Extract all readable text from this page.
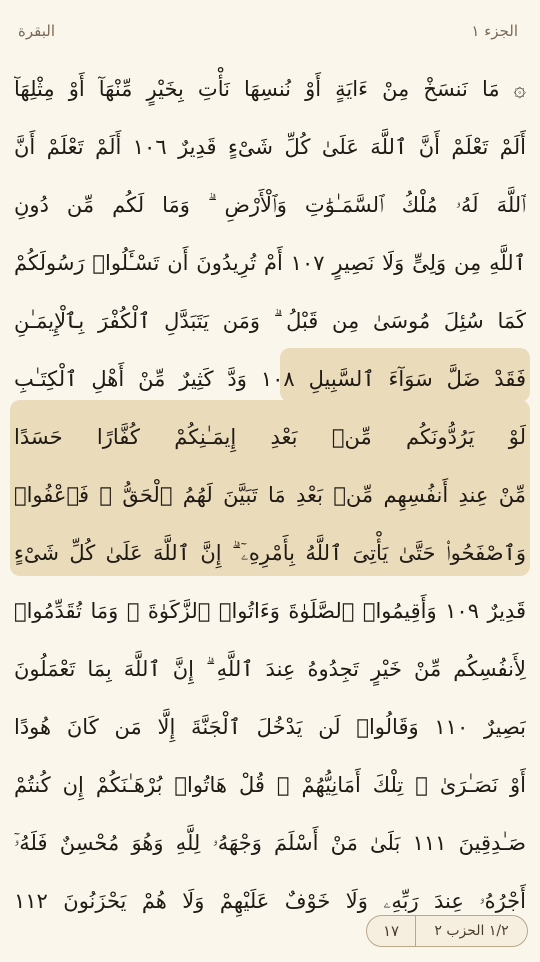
البقرة	الجزء ١
۞ مَا نَنسَخْ مِنْ ءَايَةٍ أَوْ نُنسِهَا نَأْتِ بِخَيْرٍ مِّنْهَآ أَوْ مِثْلِهَآ
أَلَمْ تَعْلَمْ أَنَّ ٱللَّهَ عَلَىٰ كُلِّ شَىْءٍ قَدِيرٌ ١٠٦ أَلَمْ تَعْلَمْ أَنَّ
ٱللَّهَ لَهُۥ مُلْكُ ٱلسَّمَـٰوَٰتِ وَٱلْأَرْضِ ۗ وَمَا لَكُم مِّن دُونِ
ٱللَّهِ مِن وَلِىٍّ وَلَا نَصِيرٍ ١٠٧ أَمْ تُرِيدُونَ أَن تَسْـَٔلُوا۟ رَسُولَكُمْ
كَمَا سُئِلَ مُوسَىٰ مِن قَبْلُ ۗ وَمَن يَتَبَدَّلِ ٱلْكُفْرَ بِٱلْإِيمَـٰنِ
فَقَدْ ضَلَّ سَوَآءَ ٱلسَّبِيلِ ١٠٨ وَدَّ كَثِيرٌ مِّنْ أَهْلِ ٱلْكِتَـٰبِ
لَوْ يَرُدُّونَكُم مِّنۢ بَعْدِ إِيمَـٰنِكُمْ كُفَّارًا حَسَدًا
مِّنْ عِندِ أَنفُسِهِم مِّنۢ بَعْدِ مَا تَبَيَّنَ لَهُمُ ٱلْحَقُّ ۖ فَٱعْفُوا۟
وَٱصْفَحُوا۟ حَتَّىٰ يَأْتِىَ ٱللَّهُ بِأَمْرِهِۦٓ ۗ إِنَّ ٱللَّهَ عَلَىٰ كُلِّ شَىْءٍ
قَدِيرٌ ١٠٩ وَأَقِيمُوا۟ ٱلصَّلَوٰةَ وَءَاتُوا۟ ٱلزَّكَوٰةَ ۚ وَمَا تُقَدِّمُوا۟
لِأَنفُسِكُم مِّنْ خَيْرٍ تَجِدُوهُ عِندَ ٱللَّهِ ۗ إِنَّ ٱللَّهَ بِمَا تَعْمَلُونَ
بَصِيرٌ ١١٠ وَقَالُوا۟ لَن يَدْخُلَ ٱلْجَنَّةَ إِلَّا مَن كَانَ هُودًا
أَوْ نَصَـٰرَىٰ ۗ تِلْكَ أَمَانِيُّهُمْ ۗ قُلْ هَاتُوا۟ بُرْهَـٰنَكُمْ إِن كُنتُمْ
صَـٰدِقِينَ ١١١ بَلَىٰ مَنْ أَسْلَمَ وَجْهَهُۥ لِلَّهِ وَهُوَ مُحْسِنٌ فَلَهُۥٓ
أَجْرُهُۥ عِندَ رَبِّهِۦ وَلَا خَوْفٌ عَلَيْهِمْ وَلَا هُمْ يَحْزَنُونَ ١١٢
١٧	١/٢ الحزب ٢
